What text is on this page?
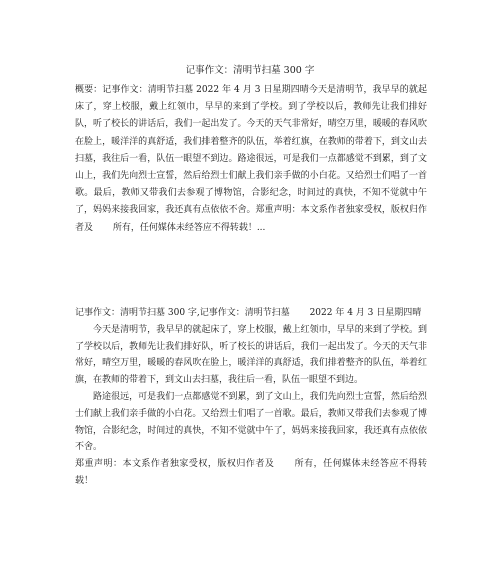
记事作文：清明节扫墓 300 字
概要：记事作文：清明节扫墓 2022 年 4 月 3 日星期四晴今天是清明节，我早早的就起床了，穿上校服，戴上红领巾，早早的来到了学校。到了学校以后，教师先让我们排好队，听了校长的讲话后，我们一起出发了。今天的天气非常好，晴空万里，暖暖的春风吹在脸上，暖洋洋的真舒适，我们排着整齐的队伍，举着红旗，在教师的带着下，到文山去扫墓，我往后一看，队伍一眼望不到边。路途很远，可是我们一点都感觉不到累，到了文山上，我们先向烈士宣誓，然后给烈士们献上我们亲手做的小白花。又给烈士们唱了一首歌。最后，教师又带我们去参观了博物馆，合影纪念，时间过的真快，不知不觉就中午了，妈妈来接我回家，我还真有点依依不舍。郑重声明：本文系作者独家受权，版权归作者及 所有，任何媒体未经答应不得转载！...

记事作文：清明节扫墓 300 字,记事作文：清明节扫墓 2022 年 4 月 3 日星期四晴

今天是清明节，我早早的就起床了，穿上校服，戴上红领巾，早早的来到了学校。到了学校以后，教师先让我们排好队，听了校长的讲话后，我们一起出发了。今天的天气非常好，晴空万里，暖暖的春风吹在脸上，暖洋洋的真舒适，我们排着整齐的队伍，举着红旗，在教师的带着下，到文山去扫墓，我往后一看，队伍一眼望不到边。

路途很远，可是我们一点都感觉不到累，到了文山上，我们先向烈士宣誓，然后给烈士们献上我们亲手做的小白花。又给烈士们唱了一首歌。最后，教师又带我们去参观了博物馆，合影纪念，时间过的真快，不知不觉就中午了，妈妈来接我回家，我还真有点依依不舍。

郑重声明：本文系作者独家受权，版权归作者及 所有，任何媒体未经答应不得转载！
